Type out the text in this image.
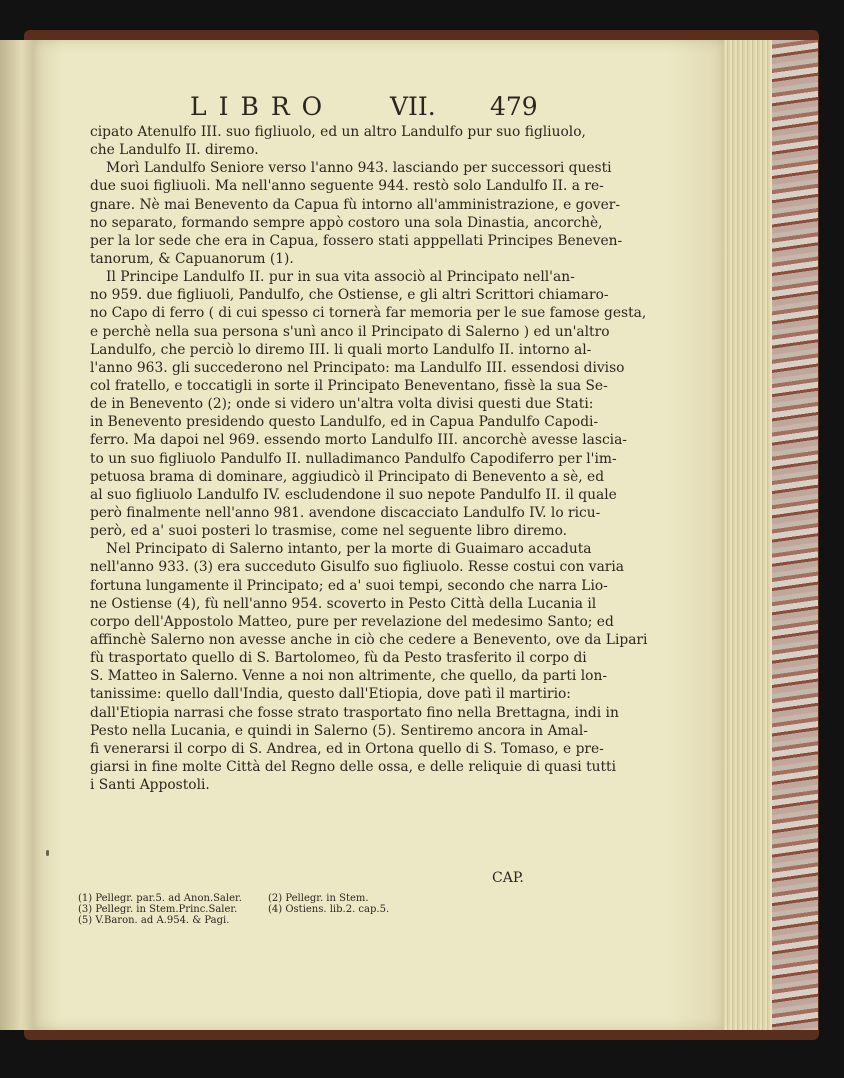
LIBRO VII. 479
cipato Atenulfo III. suo figliuolo, ed un altro Landulfo pur suo figliuolo,
che Landulfo II. diremo.
Morì Landulfo Seniore verso l'anno 943. lasciando per successori questi
due suoi figliuoli. Ma nell'anno seguente 944. restò solo Landulfo II. a re-
gnare. Nè mai Benevento da Capua fù intorno all'amministrazione, e gover-
no separato, formando sempre appò costoro una sola Dinastia, ancorchè,
per la lor sede che era in Capua, fossero stati apppellati Principes Beneven-
tanorum, & Capuanorum (1).
Il Principe Landulfo II. pur in sua vita associò al Principato nell'an-
no 959. due figliuoli, Pandulfo, che Ostiense, e gli altri Scrittori chiamaro-
no Capo di ferro ( di cui spesso ci tornerà far memoria per le sue famose gesta,
e perchè nella sua persona s'unì anco il Principato di Salerno ) ed un'altro
Landulfo, che perciò lo diremo III. li quali morto Landulfo II. intorno al-
l'anno 963. gli succederono nel Principato: ma Landulfo III. essendosi diviso
col fratello, e toccatigli in sorte il Principato Beneventano, fissè la sua Se-
de in Benevento (2); onde si videro un'altra volta divisi questi due Stati:
in Benevento presidendo questo Landulfo, ed in Capua Pandulfo Capodi-
ferro. Ma dapoi nel 969. essendo morto Landulfo III. ancorchè avesse lascia-
to un suo figliuolo Pandulfo II. nulladimanco Pandulfo Capodiferro per l'im-
petuosa brama di dominare, aggiudicò il Principato di Benevento a sè, ed
al suo figliuolo Landulfo IV. escludendone il suo nepote Pandulfo II. il quale
però finalmente nell'anno 981. avendone discacciato Landulfo IV. lo ricu-
però, ed a' suoi posteri lo trasmise, come nel seguente libro diremo.
Nel Principato di Salerno intanto, per la morte di Guaimaro accaduta
nell'anno 933. (3) era succeduto Gisulfo suo figliuolo. Resse costui con varia
fortuna lungamente il Principato; ed a' suoi tempi, secondo che narra Lio-
ne Ostiense (4), fù nell'anno 954. scoverto in Pesto Città della Lucania il
corpo dell'Appostolo Matteo, pure per revelazione del medesimo Santo; ed
affinchè Salerno non avesse anche in ciò che cedere a Benevento, ove da Lipari
fù trasportato quello di S. Bartolomeo, fù da Pesto trasferito il corpo di
S. Matteo in Salerno. Venne a noi non altrimente, che quello, da parti lon-
tanissime: quello dall'India, questo dall'Etiopia, dove patì il martirio:
dall'Etiopia narrasi che fosse strato trasportato fino nella Brettagna, indi in
Pesto nella Lucania, e quindi in Salerno (5). Sentiremo ancora in Amal-
fi venerarsi il corpo di S. Andrea, ed in Ortona quello di S. Tomaso, e pre-
giarsi in fine molte Città del Regno delle ossa, e delle reliquie di quasi tutti
i Santi Appostoli.
CAP.
(1) Pellegr. par.5. ad Anon.Saler.
(3) Pellegr. in Stem.Princ.Saler.
(5) V.Baron. ad A.954. & Pagi.
(2) Pellegr. in Stem.
(4) Ostiens. lib.2. cap.5.
